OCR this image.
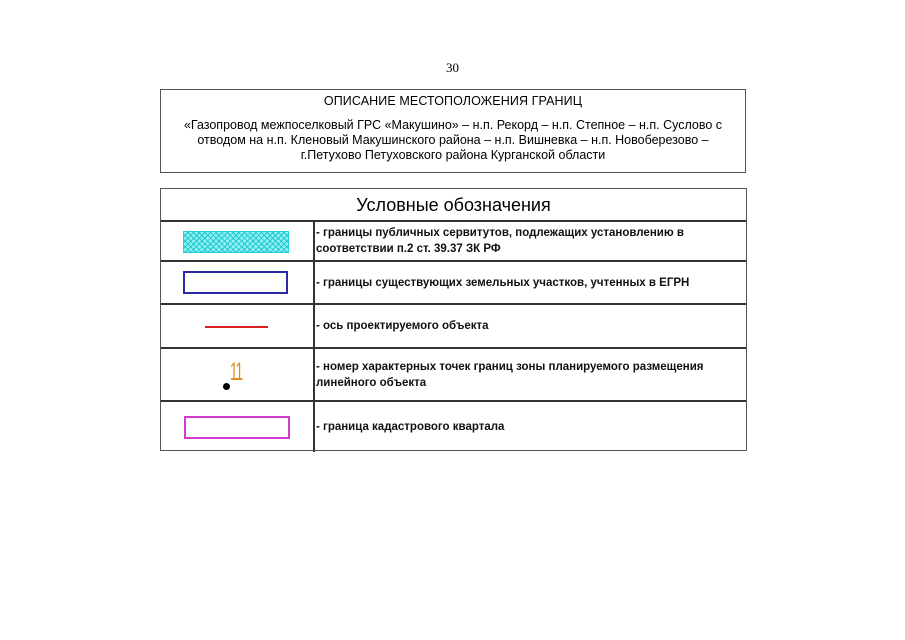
30
ОПИСАНИЕ МЕСТОПОЛОЖЕНИЯ ГРАНИЦ
«Газопровод межпоселковый ГРС «Макушино» – н.п. Рекорд – н.п. Степное – н.п. Суслово с
отводом на н.п. Кленовый Макушинского района – н.п. Вишневка – н.п. Новоберезово –
г.Петухово Петуховского района Курганской области
Условные обозначения
- границы публичных сервитутов, подлежащих установлению в
соответствии п.2 ст. 39.37 ЗК РФ
- границы существующих земельных участков, учтенных в ЕГРН
- ось проектируемого объекта
11	- номер характерных точек границ зоны планируемого размещения
линейного объекта
- граница кадастрового квартала
